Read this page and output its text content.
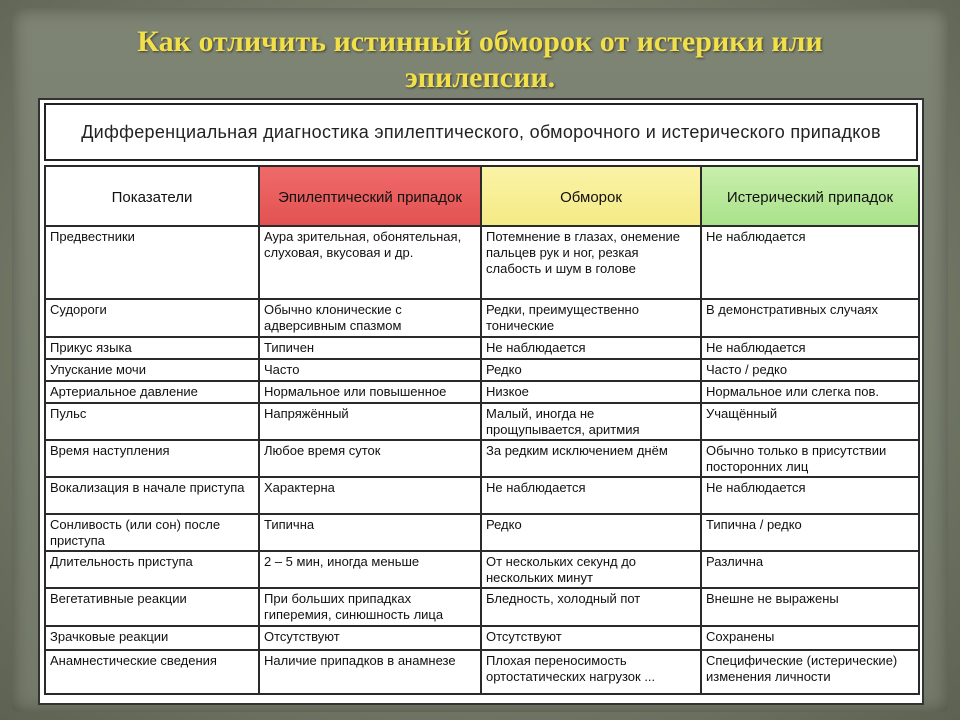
Как отличить истинный обморок от истерики или эпилепсии.
Дифференциальная диагностика эпилептического, обморочного и истерического припадков
Показатели	Эпилептический припадок	Обморок	Истерический припадок
Предвестники	Аура зрительная, обонятельная, слуховая, вкусовая и др.	Потемнение в глазах, онемение пальцев рук и ног, резкая слабость и шум в голове	Не наблюдается
Судороги	Обычно клонические с адверсивным спазмом	Редки, преимущественно тонические	В демонстративных случаях
Прикус языка	Типичен	Не наблюдается	Не наблюдается
Упускание мочи	Часто	Редко	Часто / редко
Артериальное давление	Нормальное или повышенное	Низкое	Нормальное или слегка пов.
Пульс	Напряжённый	Малый, иногда не прощупывается, аритмия	Учащённый
Время наступления	Любое время суток	За редким исключением днём	Обычно только в присутствии посторонних лиц
Вокализация в начале приступа	Характерна	Не наблюдается	Не наблюдается
Сонливость (или сон) после приступа	Типична	Редко	Типична / редко
Длительность приступа	2 – 5 мин, иногда меньше	От нескольких секунд до нескольких минут	Различна
Вегетативные реакции	При больших припадках гиперемия, синюшность лица	Бледность, холодный пот	Внешне не выражены
Зрачковые реакции	Отсутствуют	Отсутствуют	Сохранены
Анамнестические сведения	Наличие припадков в анамнезе	Плохая переносимость ортостатических нагрузок ...	Специфические (истерические) изменения личности
